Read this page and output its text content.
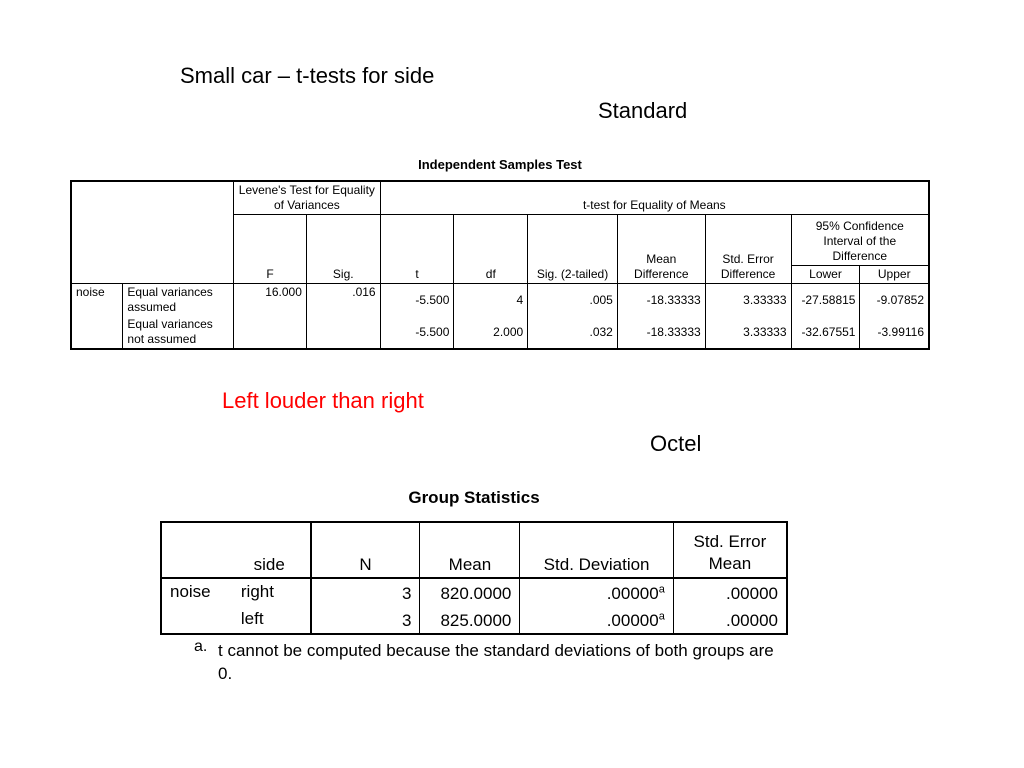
Small car – t-tests for side
Standard
Independent Samples Test
		Levene's Test for Equality of Variances		t-test for Equality of Means						
		F	Sig.	t	df	Sig. (2-tailed)	Mean Difference	Std. Error Difference	95% Confidence Interval of the Difference	
									Lower	Upper
noise	Equal variances assumed	16.000	.016	-5.500	4	.005	-18.33333	3.33333	-27.58815	-9.07852
	Equal variances not assumed			-5.500	2.000	.032	-18.33333	3.33333	-32.67551	-3.99116
Left louder than right
Octel
Group Statistics
	side	N	Mean	Std. Deviation	Std. Error Mean
noise	right	3	820.0000	.00000$^a$	.00000
	left	3	825.0000	.00000$^a$	.00000
a. t cannot be computed because the standard deviations of both groups are 0.
